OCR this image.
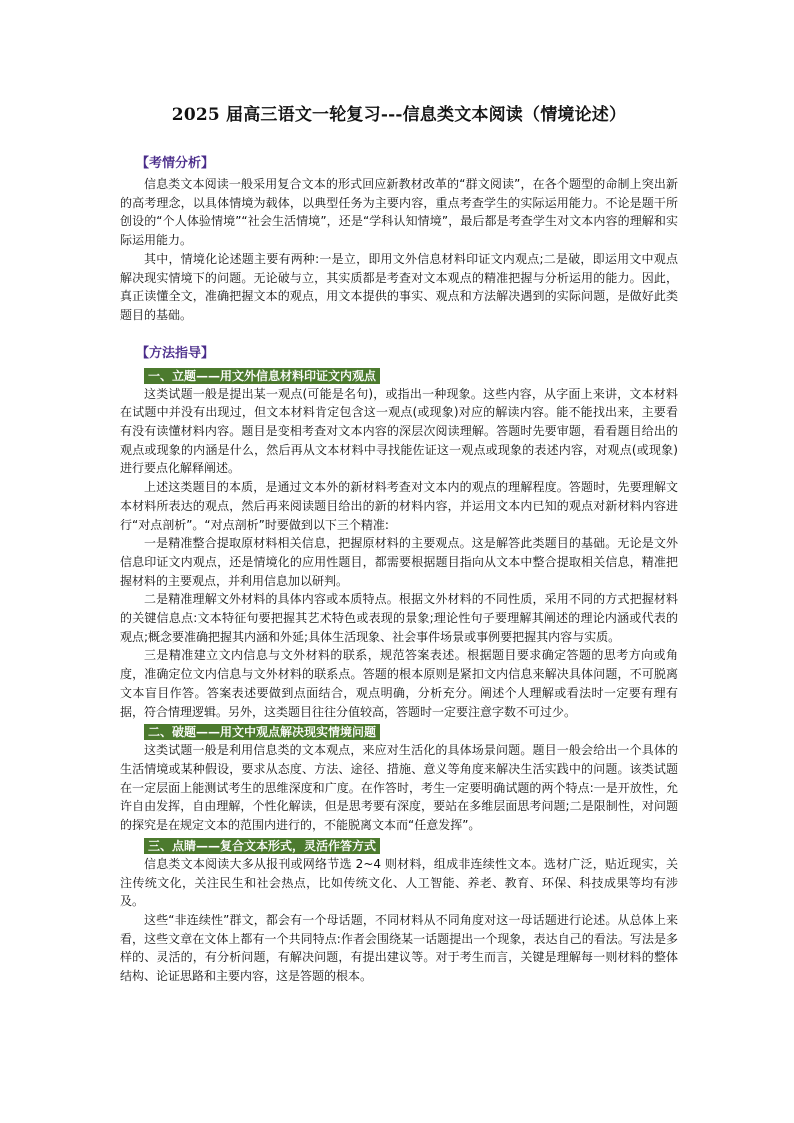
2025 届高三语文一轮复习---信息类文本阅读（情境论述）
【考情分析】

信息类文本阅读一般采用复合文本的形式回应新教材改革的“群文阅读”，在各个题型的命制上突出新的高考理念，以具体情境为载体，以典型任务为主要内容，重点考查学生的实际运用能力。不论是题干所创设的“个人体验情境”“社会生活情境”，还是“学科认知情境”，最后都是考查学生对文本内容的理解和实际运用能力。

其中，情境化论述题主要有两种:一是立，即用文外信息材料印证文内观点;二是破，即运用文中观点解决现实情境下的问题。无论破与立，其实质都是考查对文本观点的精准把握与分析运用的能力。因此，真正读懂全文，准确把握文本的观点，用文本提供的事实、观点和方法解决遇到的实际问题，是做好此类题目的基础。

【方法指导】
一、立题——用文外信息材料印证文内观点

这类试题一般是提出某一观点(可能是名句)，或指出一种现象。这些内容，从字面上来讲，文本材料在试题中并没有出现过，但文本材料肯定包含这一观点(或现象)对应的解读内容。能不能找出来，主要看有没有读懂材料内容。题目是变相考查对文本内容的深层次阅读理解。答题时先要审题，看看题目给出的观点或现象的内涵是什么，然后再从文本材料中寻找能佐证这一观点或现象的表述内容，对观点(或现象)进行要点化解释阐述。

上述这类题目的本质，是通过文本外的新材料考查对文本内的观点的理解程度。答题时，先要理解文本材料所表达的观点，然后再来阅读题目给出的新的材料内容，并运用文本内已知的观点对新材料内容进行“对点剖析”。“对点剖析”时要做到以下三个精准:

一是精准整合提取原材料相关信息，把握原材料的主要观点。这是解答此类题目的基础。无论是文外信息印证文内观点，还是情境化的应用性题目，都需要根据题目指向从文本中整合提取相关信息，精准把握材料的主要观点，并利用信息加以研判。

二是精准理解文外材料的具体内容或本质特点。根据文外材料的不同性质，采用不同的方式把握材料的关键信息点:文本特征句要把握其艺术特色或表现的景象;理论性句子要理解其阐述的理论内涵或代表的观点;概念要准确把握其内涵和外延;具体生活现象、社会事件场景或事例要把握其内容与实质。

三是精准建立文内信息与文外材料的联系，规范答案表述。根据题目要求确定答题的思考方向或角度，准确定位文内信息与文外材料的联系点。答题的根本原则是紧扣文内信息来解决具体问题，不可脱离文本盲目作答。答案表述要做到点面结合，观点明确，分析充分。阐述个人理解或看法时一定要有理有据，符合情理逻辑。另外，这类题目往往分值较高，答题时一定要注意字数不可过少。

二、破题——用文中观点解决现实情境问题

这类试题一般是利用信息类的文本观点，来应对生活化的具体场景问题。题目一般会给出一个具体的生活情境或某种假设，要求从态度、方法、途径、措施、意义等角度来解决生活实践中的问题。该类试题在一定层面上能测试考生的思维深度和广度。在作答时，考生一定要明确试题的两个特点:一是开放性，允许自由发挥，自由理解，个性化解读，但是思考要有深度，要站在多维层面思考问题;二是限制性，对问题的探究是在规定文本的范围内进行的，不能脱离文本而“任意发挥”。

三、点睛——复合文本形式，灵活作答方式

信息类文本阅读大多从报刊或网络节选 2~4 则材料，组成非连续性文本。选材广泛，贴近现实，关注传统文化，关注民生和社会热点，比如传统文化、人工智能、养老、教育、环保、科技成果等均有涉及。

这些“非连续性”群文，都会有一个母话题，不同材料从不同角度对这一母话题进行论述。从总体上来看，这些文章在文体上都有一个共同特点:作者会围绕某一话题提出一个现象，表达自己的看法。写法是多样的、灵活的，有分析问题，有解决问题，有提出建议等。对于考生而言，关键是理解每一则材料的整体结构、论证思路和主要内容，这是答题的根本。
